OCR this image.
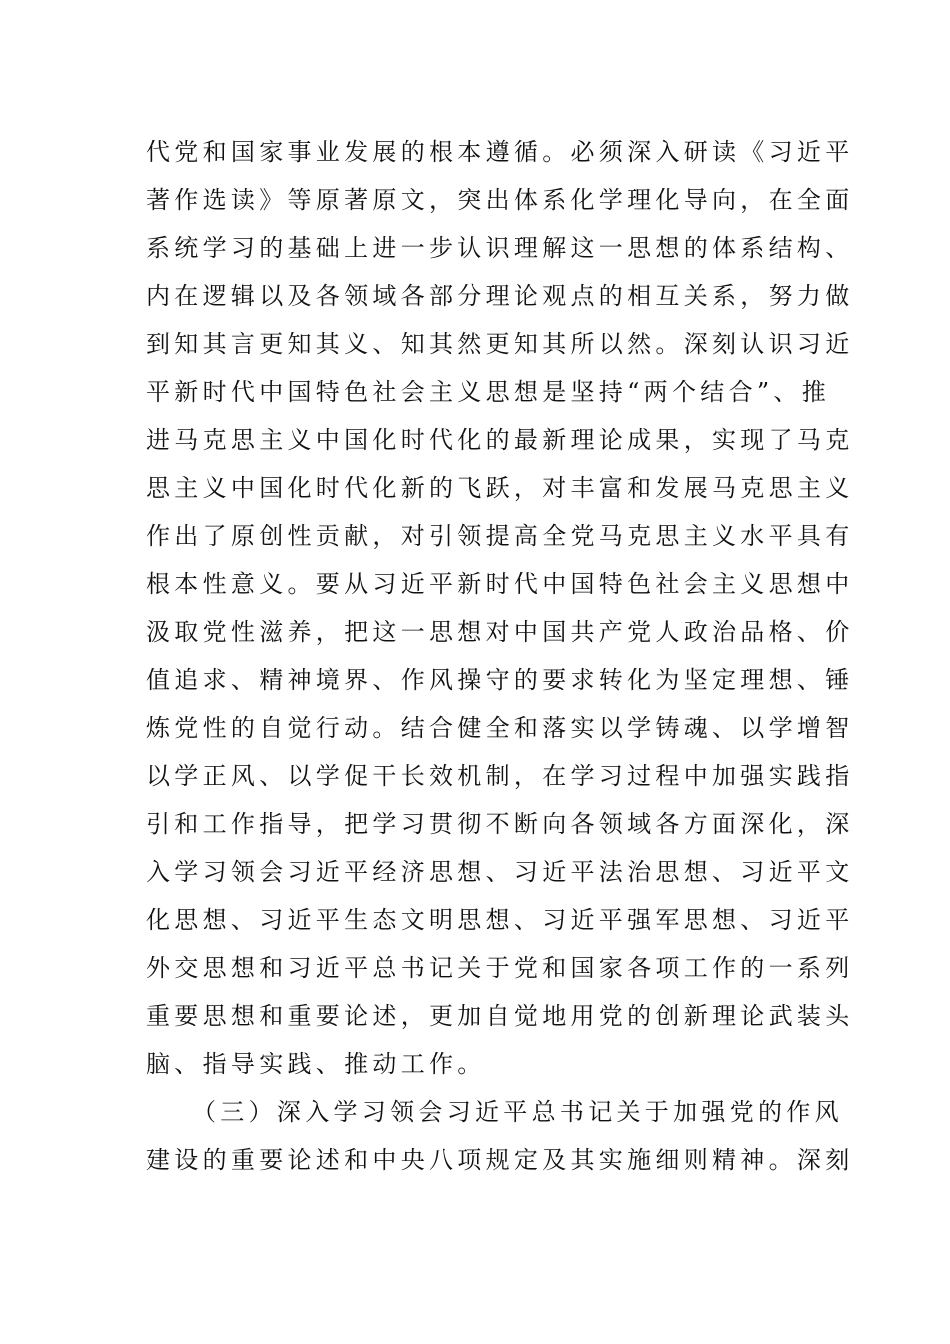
代党和国家事业发展的根本遵循。必须深入研读《习近平
著作选读》等原著原文，突出体系化学理化导向，在全面
系统学习的基础上进一步认识理解这一思想的体系结构、
内在逻辑以及各领域各部分理论观点的相互关系，努力做
到知其言更知其义、知其然更知其所以然。深刻认识习近
平新时代中国特色社会主义思想是坚持“两个结合”、推
进马克思主义中国化时代化的最新理论成果，实现了马克
思主义中国化时代化新的飞跃，对丰富和发展马克思主义
作出了原创性贡献，对引领提高全党马克思主义水平具有
根本性意义。要从习近平新时代中国特色社会主义思想中
汲取党性滋养，把这一思想对中国共产党人政治品格、价
值追求、精神境界、作风操守的要求转化为坚定理想、锤
炼党性的自觉行动。结合健全和落实以学铸魂、以学增智
以学正风、以学促干长效机制，在学习过程中加强实践指
引和工作指导，把学习贯彻不断向各领域各方面深化，深
入学习领会习近平经济思想、习近平法治思想、习近平文
化思想、习近平生态文明思想、习近平强军思想、习近平
外交思想和习近平总书记关于党和国家各项工作的一系列
重要思想和重要论述，更加自觉地用党的创新理论武装头
脑、指导实践、推动工作。
（三）深入学习领会习近平总书记关于加强党的作风
建设的重要论述和中央八项规定及其实施细则精神。深刻
